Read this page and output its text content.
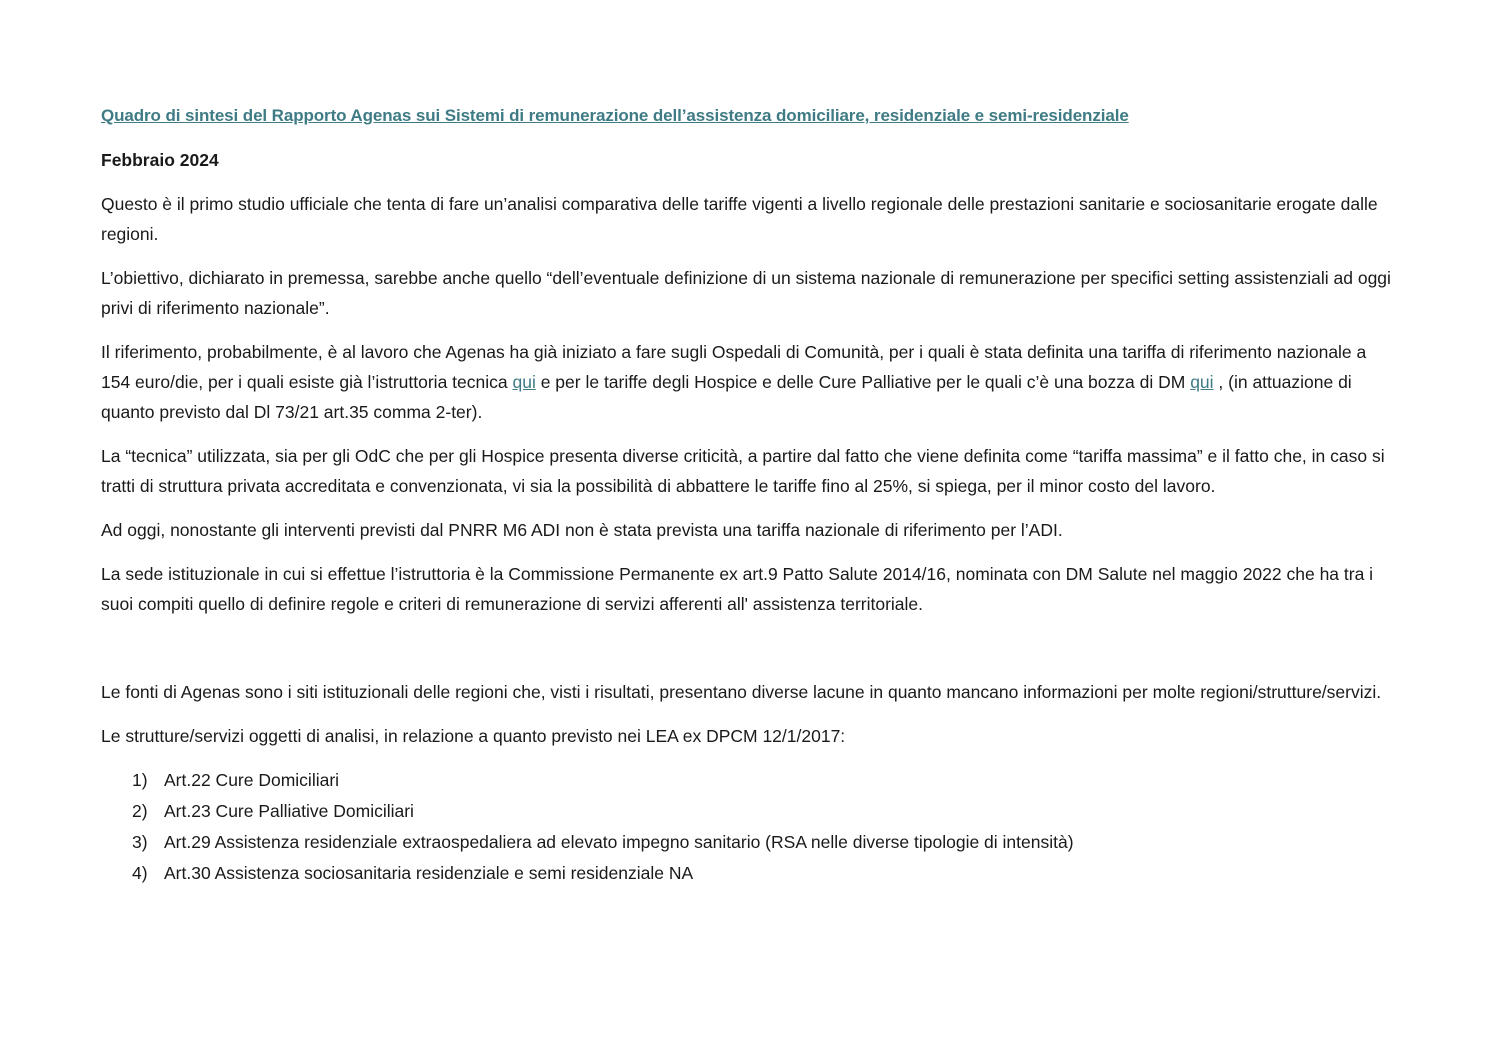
Quadro di sintesi del Rapporto Agenas sui Sistemi di remunerazione dell’assistenza domiciliare, residenziale e semi-residenziale
Febbraio 2024

Questo è il primo studio ufficiale che tenta di fare un’analisi comparativa delle tariffe vigenti a livello regionale delle prestazioni sanitarie e sociosanitarie erogate dalle regioni.

L’obiettivo, dichiarato in premessa, sarebbe anche quello “dell’eventuale definizione di un sistema nazionale di remunerazione per specifici setting assistenziali ad oggi privi di riferimento nazionale”.

Il riferimento, probabilmente, è al lavoro che Agenas ha già iniziato a fare sugli Ospedali di Comunità, per i quali è stata definita una tariffa di riferimento nazionale a 154 euro/die, per i quali esiste già l’istruttoria tecnica qui e per le tariffe degli Hospice e delle Cure Palliative per le quali c’è una bozza di DM qui , (in attuazione di quanto previsto dal Dl 73/21 art.35 comma 2-ter).

La “tecnica” utilizzata, sia per gli OdC che per gli Hospice presenta diverse criticità, a partire dal fatto che viene definita come “tariffa massima” e il fatto che, in caso si tratti di struttura privata accreditata e convenzionata, vi sia la possibilità di abbattere le tariffe fino al 25%, si spiega, per il minor costo del lavoro.

Ad oggi, nonostante gli interventi previsti dal PNRR M6 ADI non è stata prevista una tariffa nazionale di riferimento per l’ADI.

La sede istituzionale in cui si effettue l’istruttoria è la Commissione Permanente ex art.9 Patto Salute 2014/16, nominata con DM Salute nel maggio 2022 che ha tra i suoi compiti quello di definire regole e criteri di remunerazione di servizi afferenti all' assistenza territoriale.

Le fonti di Agenas sono i siti istituzionali delle regioni che, visti i risultati, presentano diverse lacune in quanto mancano informazioni per molte regioni/strutture/servizi.

Le strutture/servizi oggetti di analisi, in relazione a quanto previsto nei LEA ex DPCM 12/1/2017:

1) Art.22 Cure Domiciliari
2) Art.23 Cure Palliative Domiciliari
3) Art.29 Assistenza residenziale extraospedaliera ad elevato impegno sanitario (RSA nelle diverse tipologie di intensità)
4) Art.30 Assistenza sociosanitaria residenziale e semi residenziale NA
